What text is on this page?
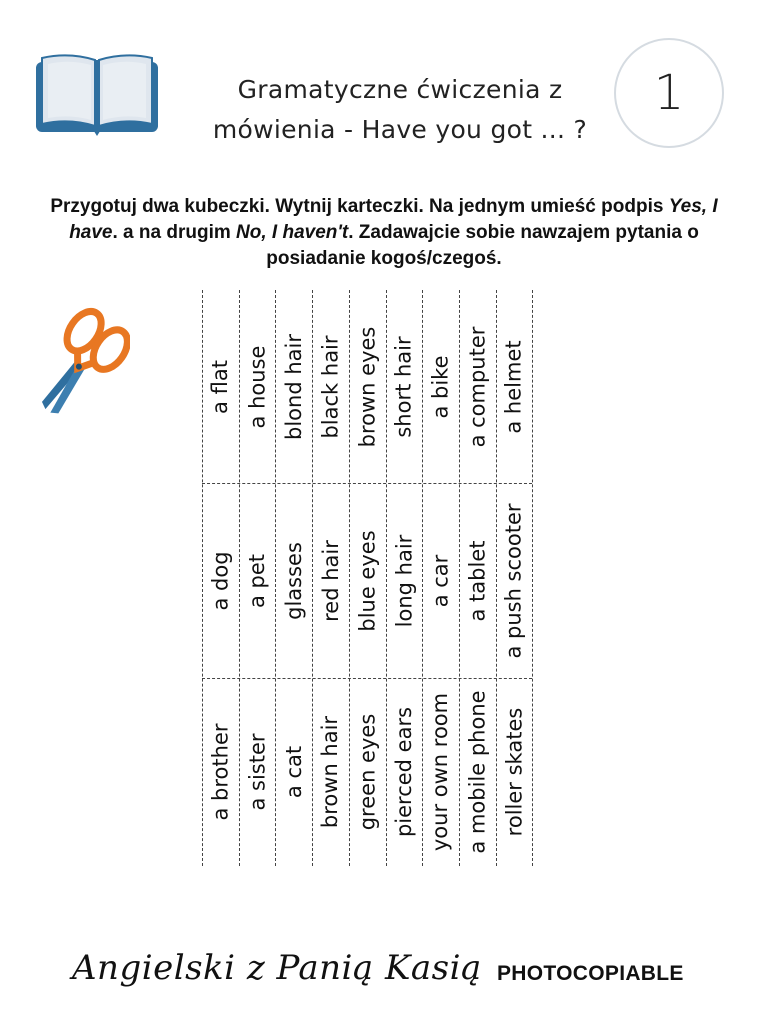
Gramatyczne ćwiczenia z
mówienia - Have you got ... ?
1
Przygotuj dwa kubeczki. Wytnij karteczki. Na jednym umieść podpis Yes, I have. a na drugim No, I haven't. Zadawajcie sobie nawzajem pytania o posiadanie kogoś/czegoś.
a flat a house blond hair black hair brown eyes short hair a bike a computer a helmet
a dog a pet glasses red hair blue eyes long hair a car a tablet a push scooter
a brother a sister a cat brown hair green eyes pierced ears your own room a mobile phone roller skates
Angielski z Panią Kasią PHOTOCOPIABLE
